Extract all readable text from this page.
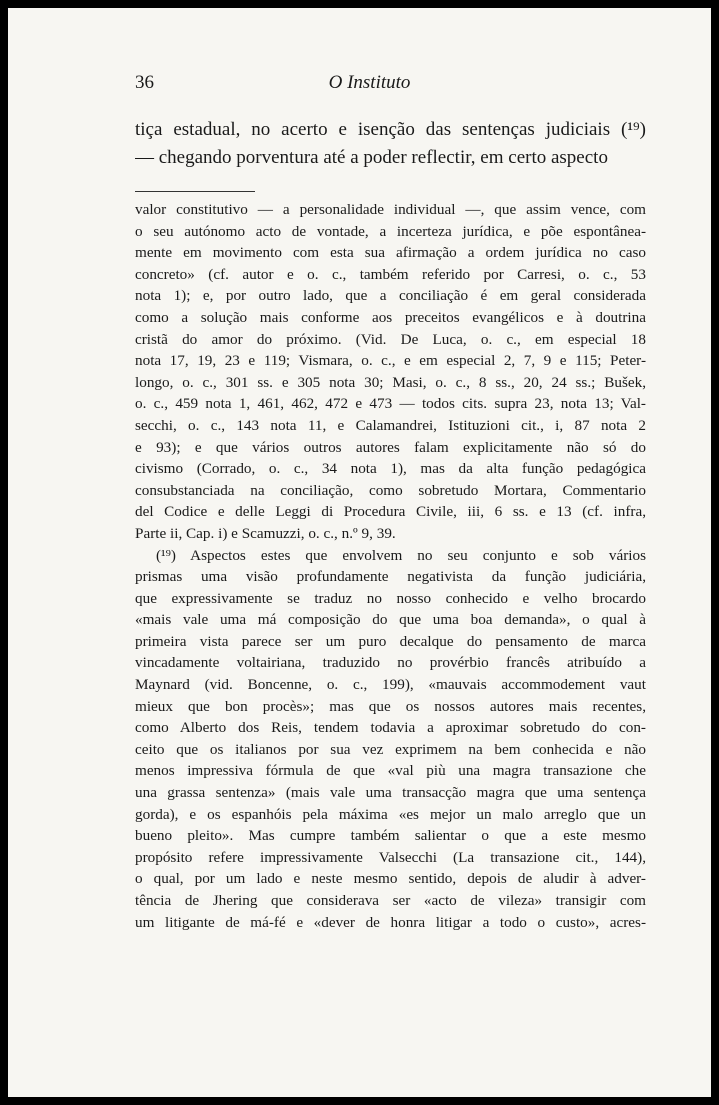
36	O Instituto
tiça estadual, no acerto e isenção das sentenças judiciais (¹⁹)
— chegando porventura até a poder reflectir, em certo aspecto
valor constitutivo — a personalidade individual —, que assim vence, com
o seu autónomo acto de vontade, a incerteza jurídica, e põe espontânea-
mente em movimento com esta sua afirmação a ordem jurídica no caso
concreto» (cf. autor e o. c., também referido por Carresi, o. c., 53
nota 1); e, por outro lado, que a conciliação é em geral considerada
como a solução mais conforme aos preceitos evangélicos e à doutrina
cristã do amor do próximo. (Vid. De Luca, o. c., em especial 18
nota 17, 19, 23 e 119; Vismara, o. c., e em especial 2, 7, 9 e 115; Peter-
longo, o. c., 301 ss. e 305 nota 30; Masi, o. c., 8 ss., 20, 24 ss.; Bušek,
o. c., 459 nota 1, 461, 462, 472 e 473 — todos cits. supra 23, nota 13; Val-
secchi, o. c., 143 nota 11, e Calamandrei, Istituzioni cit., i, 87 nota 2
e 93); e que vários outros autores falam explicitamente não só do
civismo (Corrado, o. c., 34 nota 1), mas da alta função pedagógica
consubstanciada na conciliação, como sobretudo Mortara, Commentario
del Codice e delle Leggi di Procedura Civile, iii, 6 ss. e 13 (cf. infra,
Parte ii, Cap. i) e Scamuzzi, o. c., n.º 9, 39.
(¹⁹) Aspectos estes que envolvem no seu conjunto e sob vários
prismas uma visão profundamente negativista da função judiciária,
que expressivamente se traduz no nosso conhecido e velho brocardo
«mais vale uma má composição do que uma boa demanda», o qual à
primeira vista parece ser um puro decalque do pensamento de marca
vincadamente voltairiana, traduzido no provérbio francês atribuído a
Maynard (vid. Boncenne, o. c., 199), «mauvais accommodement vaut
mieux que bon procès»; mas que os nossos autores mais recentes,
como Alberto dos Reis, tendem todavia a aproximar sobretudo do con-
ceito que os italianos por sua vez exprimem na bem conhecida e não
menos impressiva fórmula de que «val più una magra transazione che
una grassa sentenza» (mais vale uma transacção magra que uma sentença
gorda), e os espanhóis pela máxima «es mejor un malo arreglo que un
bueno pleito». Mas cumpre também salientar o que a este mesmo
propósito refere impressivamente Valsecchi (La transazione cit., 144),
o qual, por um lado e neste mesmo sentido, depois de aludir à adver-
tência de Jhering que considerava ser «acto de vileza» transigir com
um litigante de má-fé e «dever de honra litigar a todo o custo», acres-
